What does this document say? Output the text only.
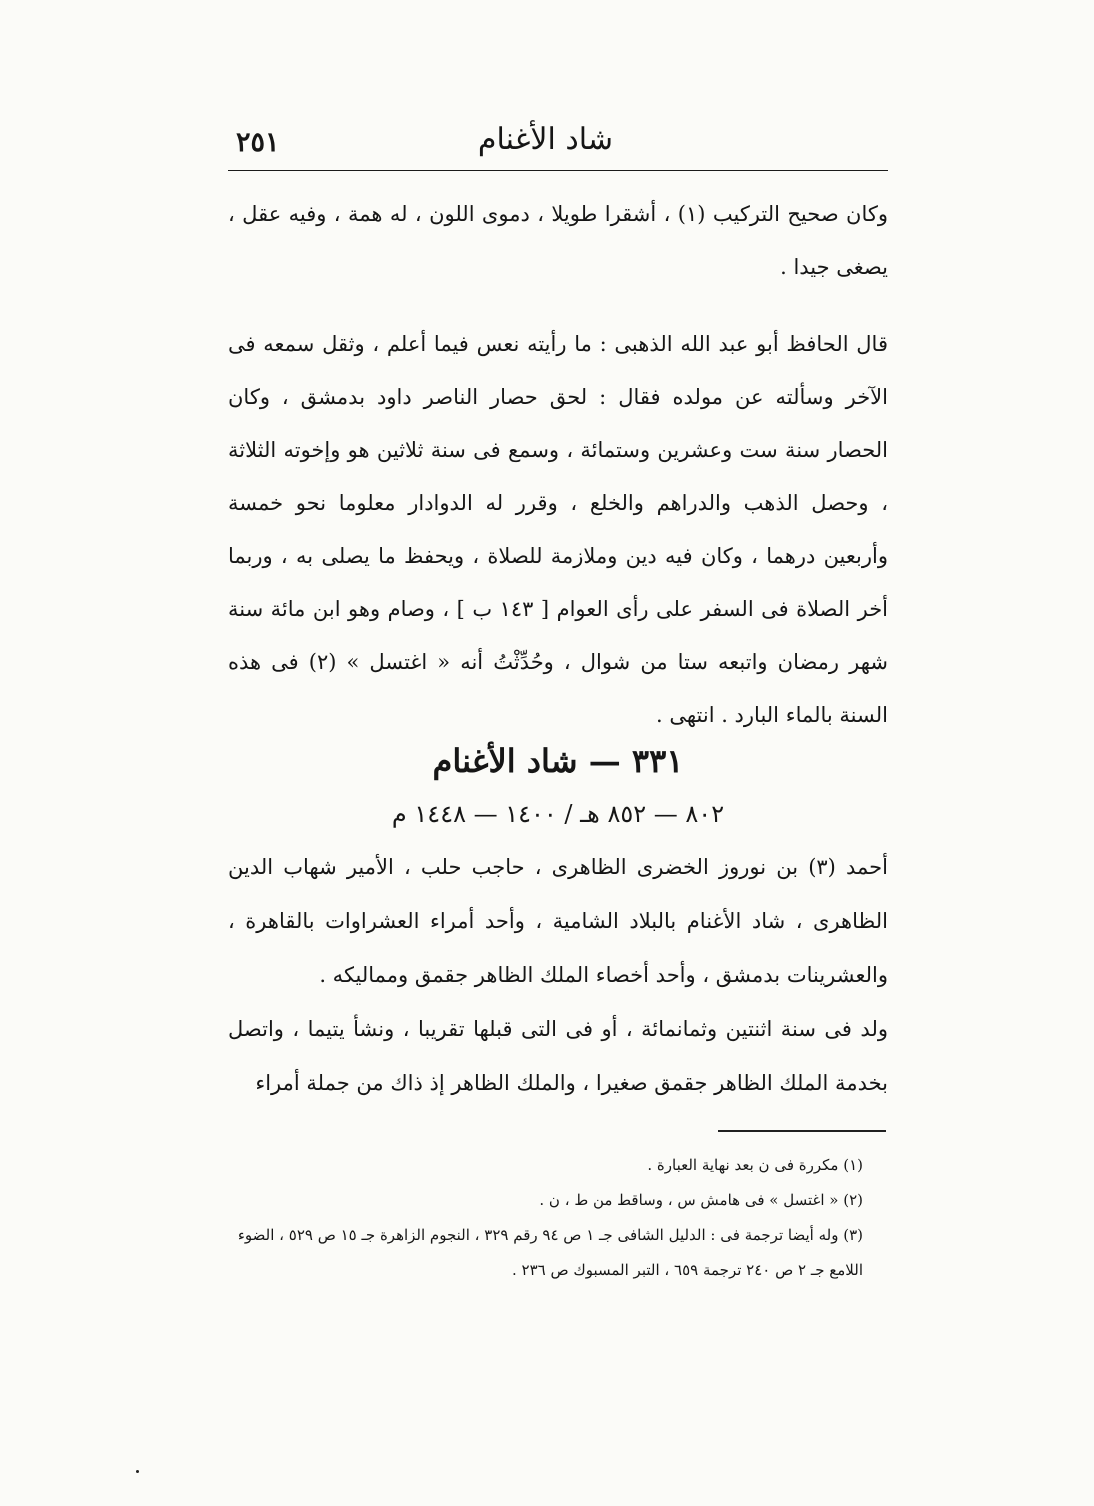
شاد الأغنام
٢٥١

وكان صحيح التركيب (١) ، أشقرا طويلا ، دموى اللون ، له همة ، وفيه عقل ، يصغى جيدا .

قال الحافظ أبو عبد الله الذهبى : ما رأيته نعس فيما أعلم ، وثقل سمعه فى الآخر وسألته عن مولده فقال : لحق حصار الناصر داود بدمشق ، وكان الحصار سنة ست وعشرين وستمائة ، وسمع فى سنة ثلاثين هو وإخوته الثلاثة ، وحصل الذهب والدراهم والخلع ، وقرر له الدوادار معلوما نحو خمسة وأربعين درهما ، وكان فيه دين وملازمة للصلاة ، ويحفظ ما يصلى به ، وربما أخر الصلاة فى السفر على رأى العوام [ ١٤٣ ب ] ، وصام وهو ابن مائة سنة شهر رمضان واتبعه ستا من شوال ، وحُدِّثْتُ أنه « اغتسل » (٢) فى هذه السنة بالماء البارد . انتهى .

٣٣١ — شاد الأغنام
٨٠٢ — ٨٥٢ هـ / ١٤٠٠ — ١٤٤٨ م

أحمد (٣) بن نوروز الخضرى الظاهرى ، حاجب حلب ، الأمير شهاب الدين الظاهرى ، شاد الأغنام بالبلاد الشامية ، وأحد أمراء العشراوات بالقاهرة ، والعشرينات بدمشق ، وأحد أخصاء الملك الظاهر جقمق ومماليكه .

ولد فى سنة اثنتين وثمانمائة ، أو فى التى قبلها تقريبا ، ونشأ يتيما ، واتصل بخدمة الملك الظاهر جقمق صغيرا ، والملك الظاهر إذ ذاك من جملة أمراء

(١) مكررة فى ن بعد نهاية العبارة .

(٢) « اغتسل » فى هامش س ، وساقط من ط ، ن .

(٣) وله أيضا ترجمة فى : الدليل الشافى جـ ١ ص ٩٤ رقم ٣٢٩ ، النجوم الزاهرة جـ ١٥ ص ٥٢٩ ، الضوء اللامع جـ ٢ ص ٢٤٠ ترجمة ٦٥٩ ، التبر المسبوك ص ٢٣٦ .
